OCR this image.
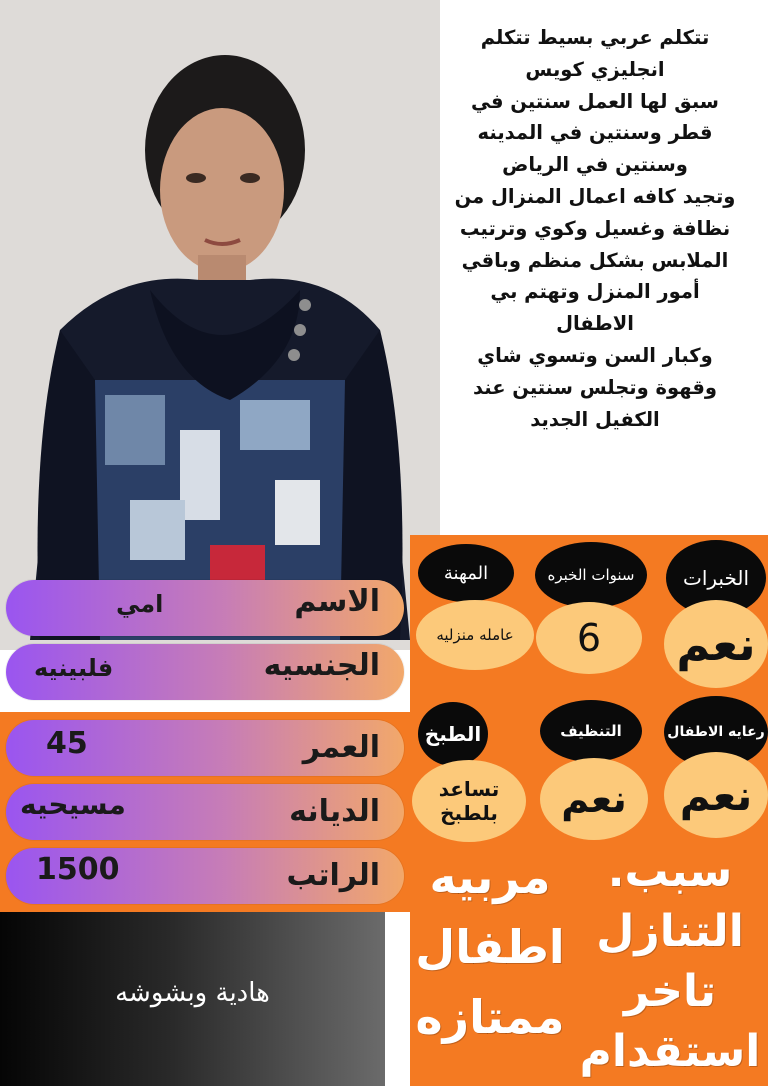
تتكلم عربي بسيط تتكلم
انجليزي كويس
سبق لها العمل سنتين في
قطر وسنتين في المدينه
وسنتين في الرياض
وتجيد كافه اعمال المنزال من
نظافة وغسيل وكوي وترتيب
الملابس بشكل منظم وباقي
أمور المنزل وتهتم بي
الاطفال
وكبار السن وتسوي شاي
وقهوة وتجلس سنتين عند
الكفيل الجديد
الاسم
امي
الجنسيه
فلبينيه
العمر
45
الديانه
مسيحيه
الراتب
1500
هادية وبشوشه
المهنة	سنوات الخبره	الخبرات
عامله منزليه	6	نعم
الطبخ	التنظيف	رعايه الاطفال
تساعد
بلطبخ	نعم	نعم
مربيه
اطفال
ممتازه
سبب.
التنازل
تاخر
استقدام
